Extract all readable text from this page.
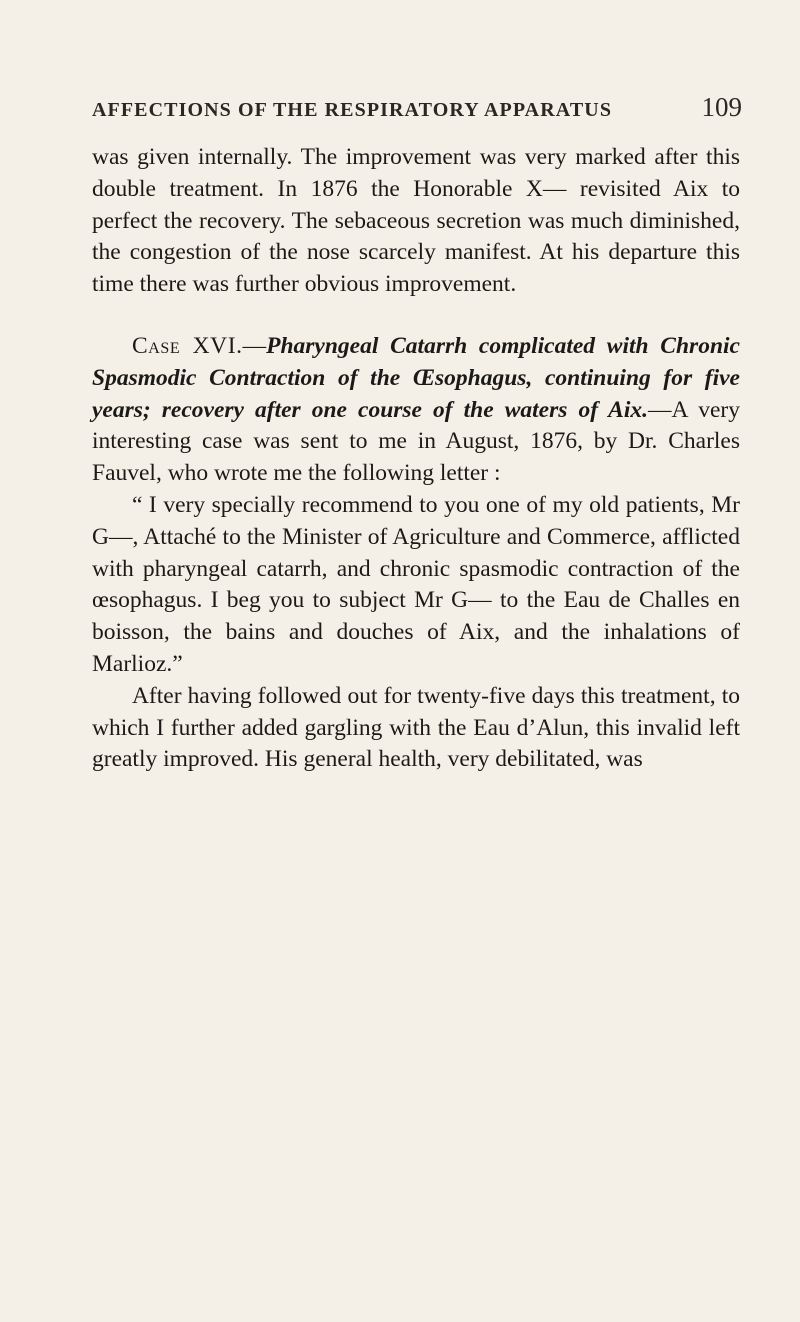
AFFECTIONS OF THE RESPIRATORY APPARATUS	109

was given internally. The improvement was very marked after this double treatment. In 1876 the Honorable X— revisited Aix to perfect the recovery. The sebaceous secretion was much diminished, the congestion of the nose scarcely manifest. At his departure this time there was further obvious improvement.

Case XVI.—Pharyngeal Catarrh complicated with Chronic Spasmodic Contraction of the Œsophagus, continuing for five years; recovery after one course of the waters of Aix.—A very interesting case was sent to me in August, 1876, by Dr. Charles Fauvel, who wrote me the following letter :

“ I very specially recommend to you one of my old patients, Mr G—, Attaché to the Minister of Agriculture and Commerce, afflicted with pharyngeal catarrh, and chronic spasmodic contraction of the œsophagus. I beg you to subject Mr G— to the Eau de Challes en boisson, the bains and douches of Aix, and the inhalations of Marlioz.”

After having followed out for twenty-five days this treatment, to which I further added gargling with the Eau d’Alun, this invalid left greatly improved. His general health, very debilitated, was
